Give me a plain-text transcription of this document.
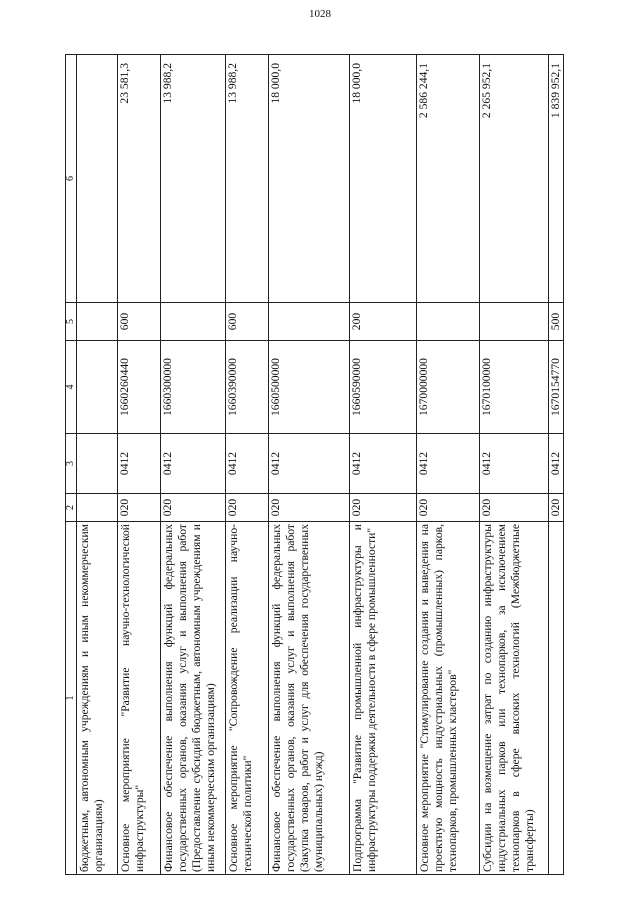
1028
1	2	3	4	5	6
бюджетным, автономным учреждениям и иным некоммерческим организациям)					
Основное мероприятие "Развитие научно-технологической инфраструктуры"	020	0412	1660260440	600	23 581,3
Финансовое обеспечение выполнения функций федеральных государственных органов, оказания услуг и выполнения работ (Предоставление субсидий бюджетным, автономным учреждениям и иным некоммерческим организациям)	020	0412	1660300000		13 988,2
Основное мероприятие "Сопровождение реализации научно-технической политики"	020	0412	1660390000	600	13 988,2
Финансовое обеспечение выполнения функций федеральных государственных органов, оказания услуг и выполнения работ (Закупка товаров, работ и услуг для обеспечения государственных (муниципальных) нужд)	020	0412	1660500000		18 000,0
Подпрограмма "Развитие промышленной инфраструктуры и инфраструктуры поддержки деятельности в сфере промышленности"	020	0412	1660590000	200	18 000,0
Основное мероприятие "Стимулирование создания и выведения на проектную мощность индустриальных (промышленных) парков, технопарков, промышленных кластеров"	020	0412	1670000000		2 586 244,1
Субсидии на возмещение затрат по созданию инфраструктуры индустриальных парков или технопарков, за исключением технопарков в сфере высоких технологий (Межбюджетные трансферты)	020	0412	1670100000		2 265 952,1
	020	0412	1670154770	500	1 839 952,1
